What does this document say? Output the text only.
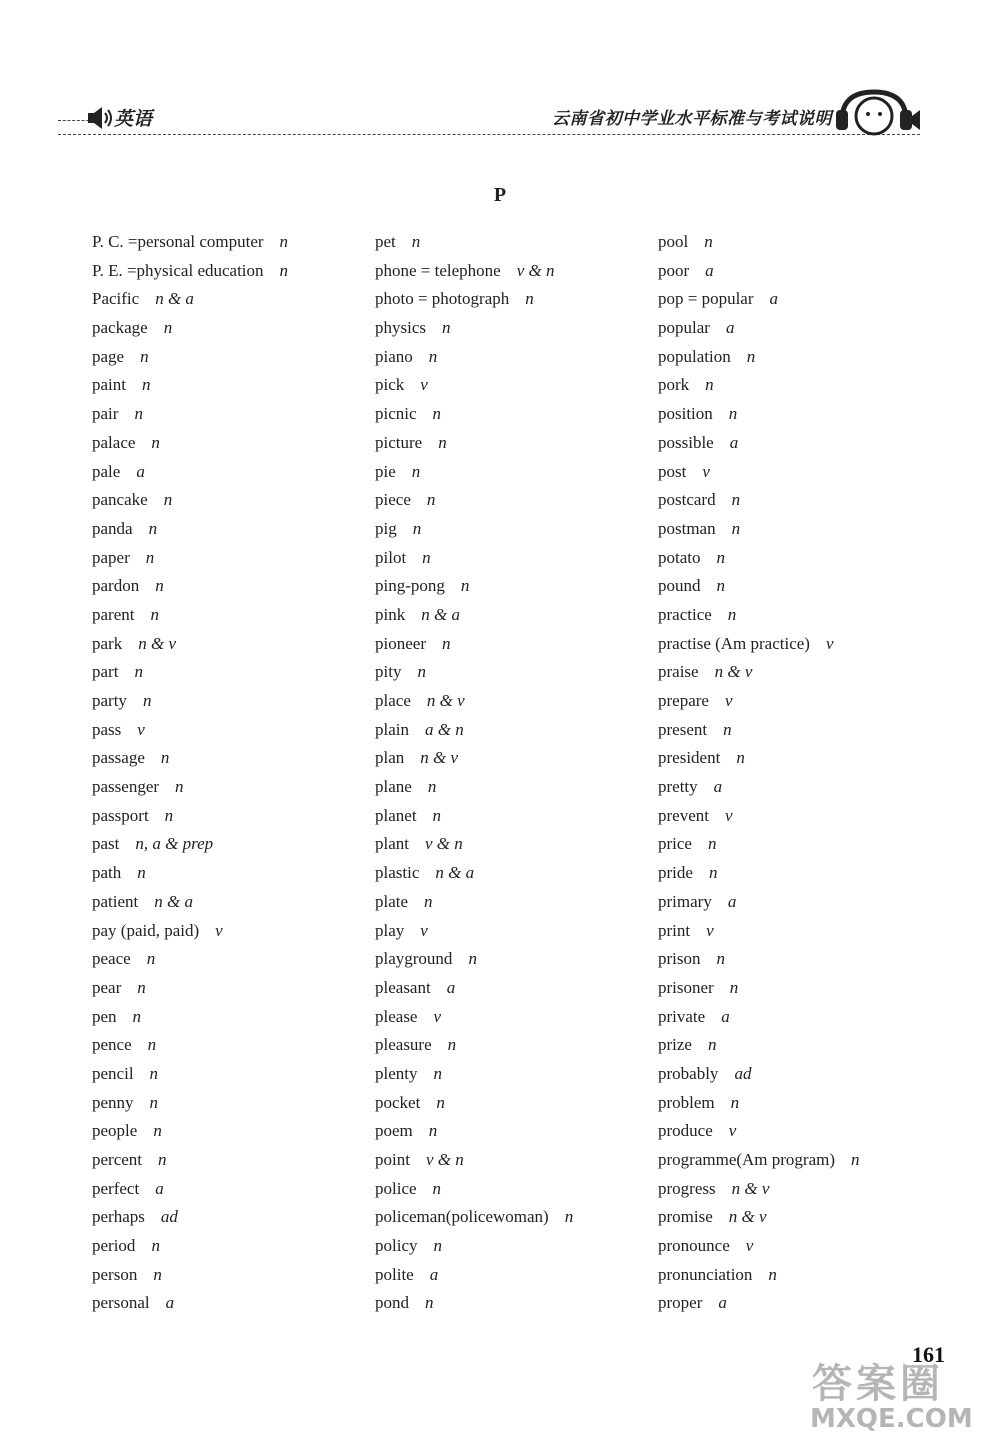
英语	云南省初中学业水平标准与考试说明
P
P. C. =personal computer n
P. E. =physical education n
Pacific n & a
package n
page n
paint n
pair n
palace n
pale a
pancake n
panda n
paper n
pardon n
parent n
park n & v
part n
party n
pass v
passage n
passenger n
passport n
past n, a & prep
path n
patient n & a
pay (paid, paid) v
peace n
pear n
pen n
pence n
pencil n
penny n
people n
percent n
perfect a
perhaps ad
period n
person n
personal a
pet n
phone = telephone v & n
photo = photograph n
physics n
piano n
pick v
picnic n
picture n
pie n
piece n
pig n
pilot n
ping-pong n
pink n & a
pioneer n
pity n
place n & v
plain a & n
plan n & v
plane n
planet n
plant v & n
plastic n & a
plate n
play v
playground n
pleasant a
please v
pleasure n
plenty n
pocket n
poem n
point v & n
police n
policeman(policewoman) n
policy n
polite a
pond n
pool n
poor a
pop = popular a
popular a
population n
pork n
position n
possible a
post v
postcard n
postman n
potato n
pound n
practice n
practise (Am practice) v
praise n & v
prepare v
present n
president n
pretty a
prevent v
price n
pride n
primary a
print v
prison n
prisoner n
private a
prize n
probably ad
problem n
produce v
programme(Am program) n
progress n & v
promise n & v
pronounce v
pronunciation n
proper a
161
答案圈
MXQE.COM
